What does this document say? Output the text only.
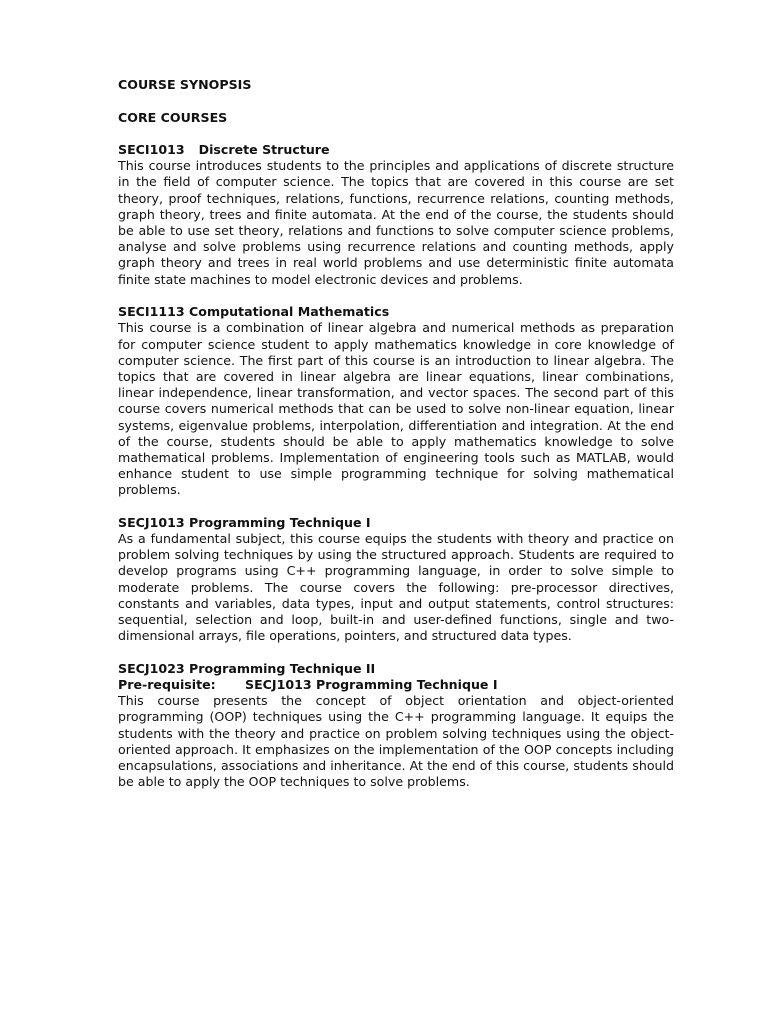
COURSE SYNOPSIS
CORE COURSES
SECI1013 Discrete Structure

This course introduces students to the principles and applications of discrete structure in the field of computer science. The topics that are covered in this course are set theory, proof techniques, relations, functions, recurrence relations, counting methods, graph theory, trees and finite automata. At the end of the course, the students should be able to use set theory, relations and functions to solve computer science problems, analyse and solve problems using recurrence relations and counting methods, apply graph theory and trees in real world problems and use deterministic finite automata finite state machines to model electronic devices and problems.

SECI1113 Computational Mathematics

This course is a combination of linear algebra and numerical methods as preparation for computer science student to apply mathematics knowledge in core knowledge of computer science. The first part of this course is an introduction to linear algebra. The topics that are covered in linear algebra are linear equations, linear combinations, linear independence, linear transformation, and vector spaces. The second part of this course covers numerical methods that can be used to solve non-linear equation, linear systems, eigenvalue problems, interpolation, differentiation and integration. At the end of the course, students should be able to apply mathematics knowledge to solve mathematical problems. Implementation of engineering tools such as MATLAB, would enhance student to use simple programming technique for solving mathematical problems.

SECJ1013 Programming Technique I

As a fundamental subject, this course equips the students with theory and practice on problem solving techniques by using the structured approach. Students are required to develop programs using C++ programming language, in order to solve simple to moderate problems. The course covers the following: pre-processor directives, constants and variables, data types, input and output statements, control structures: sequential, selection and loop, built-in and user-defined functions, single and two-dimensional arrays, file operations, pointers, and structured data types.

SECJ1023 Programming Technique II
Pre-requisite: SECJ1013 Programming Technique I

This course presents the concept of object orientation and object-oriented programming (OOP) techniques using the C++ programming language. It equips the students with the theory and practice on problem solving techniques using the object-oriented approach. It emphasizes on the implementation of the OOP concepts including encapsulations, associations and inheritance. At the end of this course, students should be able to apply the OOP techniques to solve problems.
